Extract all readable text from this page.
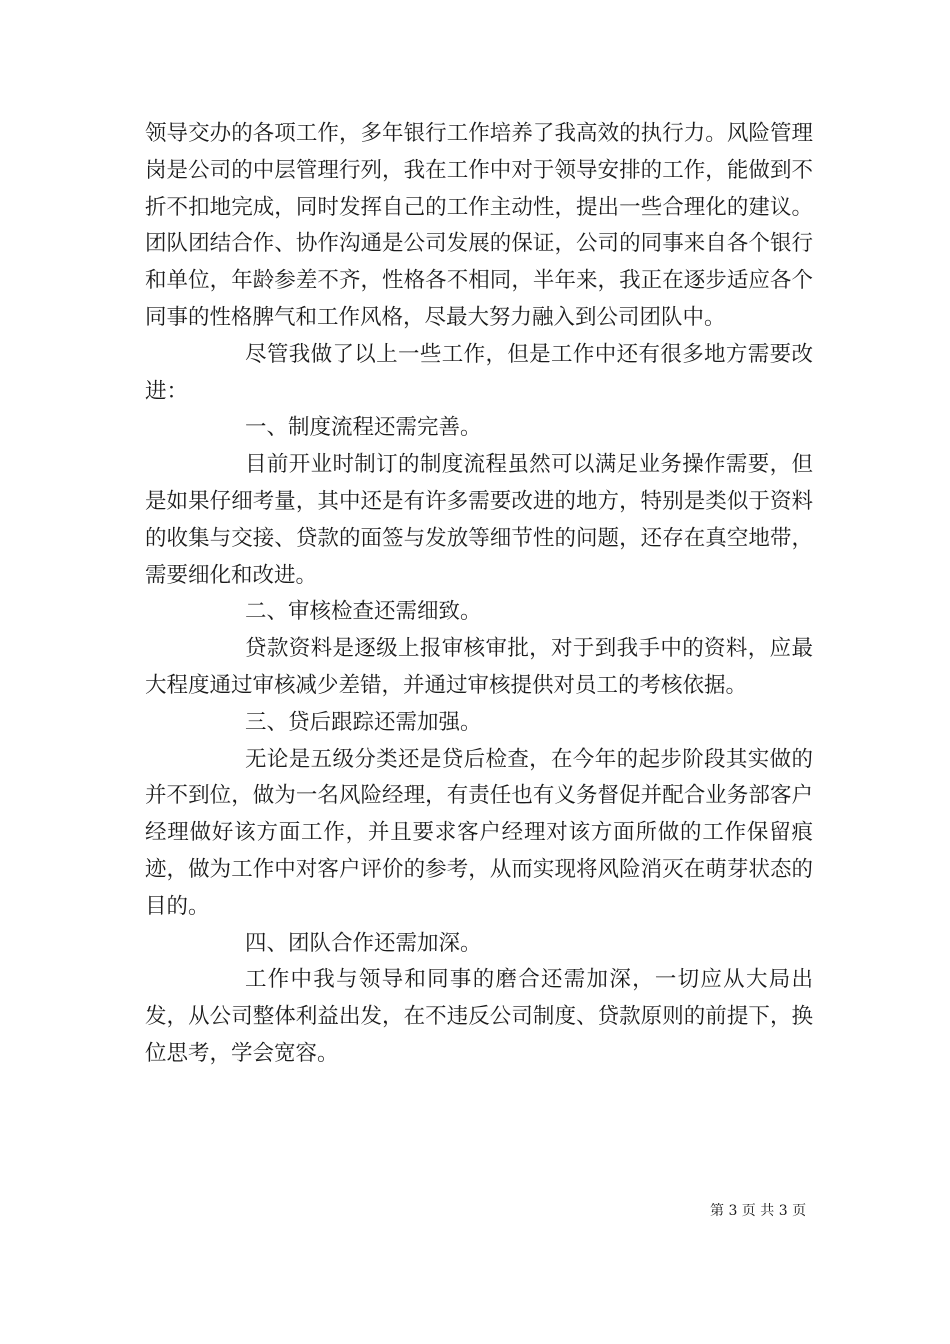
领导交办的各项工作，多年银行工作培养了我高效的执行力。风险管理岗是公司的中层管理行列，我在工作中对于领导安排的工作，能做到不折不扣地完成，同时发挥自己的工作主动性，提出一些合理化的建议。团队团结合作、协作沟通是公司发展的保证，公司的同事来自各个银行和单位，年龄参差不齐，性格各不相同，半年来，我正在逐步适应各个同事的性格脾气和工作风格，尽最大努力融入到公司团队中。

尽管我做了以上一些工作，但是工作中还有很多地方需要改进：

一、制度流程还需完善。

目前开业时制订的制度流程虽然可以满足业务操作需要，但是如果仔细考量，其中还是有许多需要改进的地方，特别是类似于资料的收集与交接、贷款的面签与发放等细节性的问题，还存在真空地带，需要细化和改进。

二、审核检查还需细致。

贷款资料是逐级上报审核审批，对于到我手中的资料，应最大程度通过审核减少差错，并通过审核提供对员工的考核依据。

三、贷后跟踪还需加强。

无论是五级分类还是贷后检查，在今年的起步阶段其实做的并不到位，做为一名风险经理，有责任也有义务督促并配合业务部客户经理做好该方面工作，并且要求客户经理对该方面所做的工作保留痕迹，做为工作中对客户评价的参考，从而实现将风险消灭在萌芽状态的目的。

四、团队合作还需加深。

工作中我与领导和同事的磨合还需加深，一切应从大局出发，从公司整体利益出发，在不违反公司制度、贷款原则的前提下，换位思考，学会宽容。

第 3 页 共 3 页
